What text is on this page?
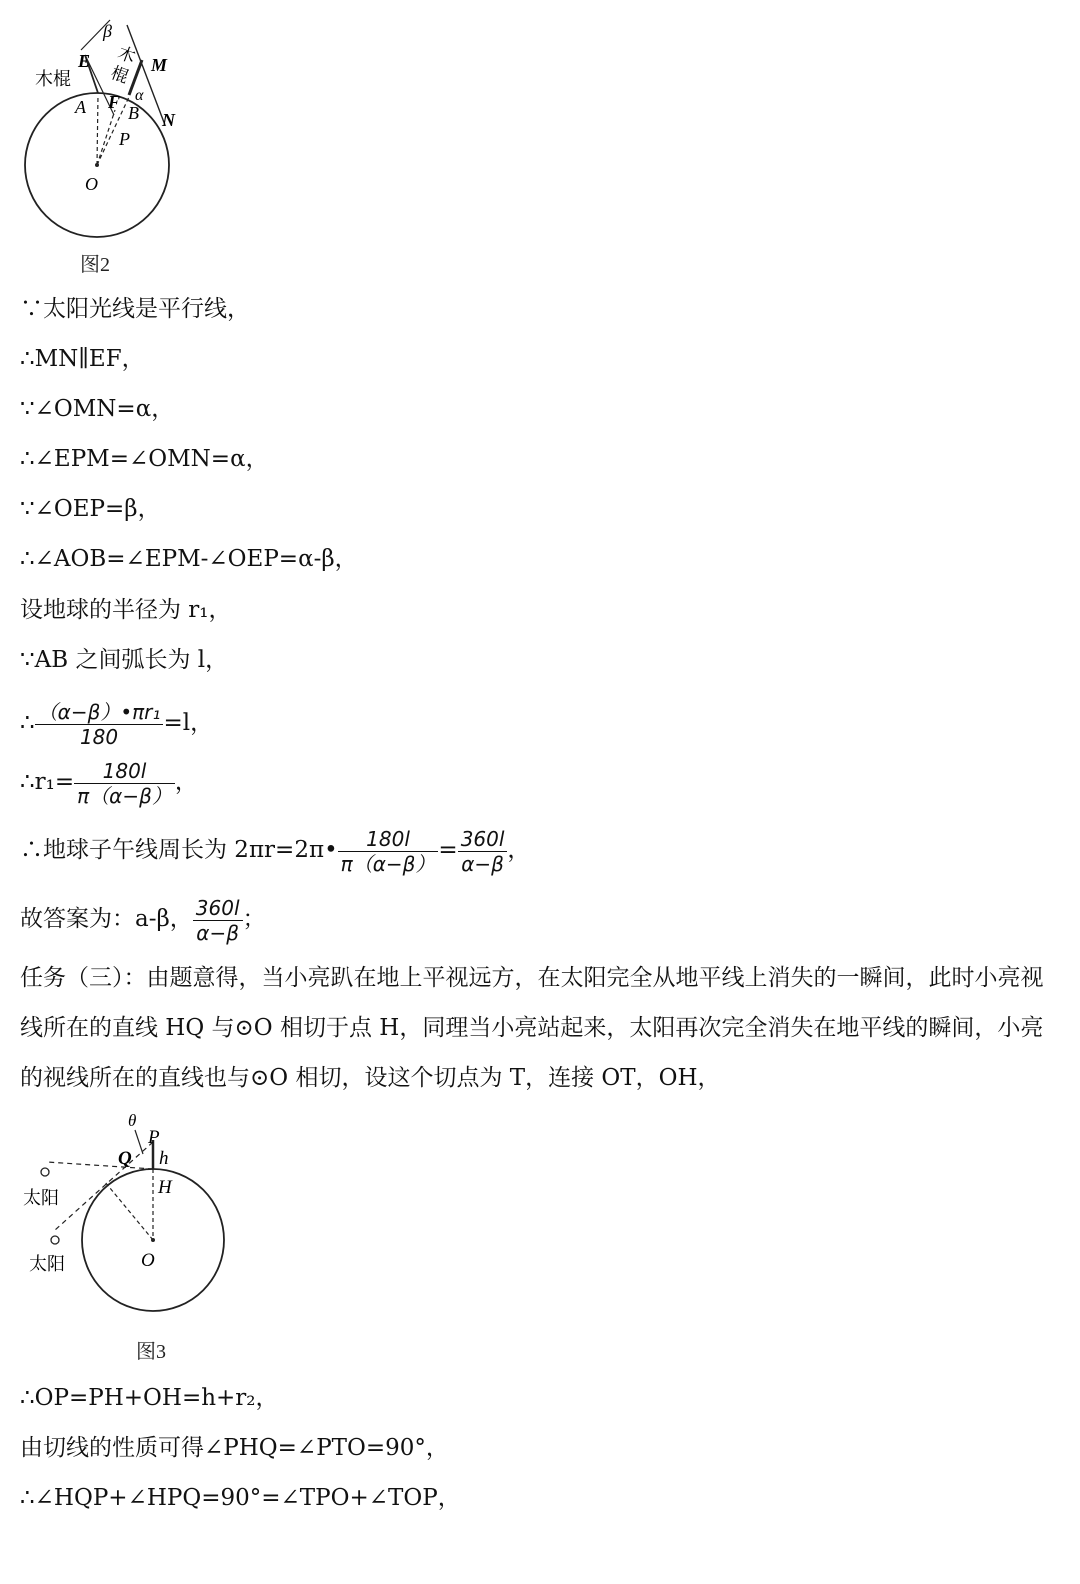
β
E
木棍
木
棍 M
A F α
B N
P
O
图2
∵太阳光线是平行线，
∴MN∥EF，
∵∠OMN=α，
∴∠EPM=∠OMN=α，
∵∠OEP=β，
∴∠AOB=∠EPM-∠OEP=α-β，
设地球的半径为 r₁，
∵AB 之间弧长为 l，
∴ $\frac{\text{（α−β）•πr₁}}{180} =l$，
∴r₁= $\frac{180l}{\pi(\alpha-\beta)}$ ，
∴地球子午线周长为 2πr=2π• $\frac{180l}{\pi(\alpha-\beta)} = \frac{360l}{\alpha-\beta}$ ，
故答案为：a-β， $\frac{360l}{\alpha-\beta}$ ；
任务（三）：由题意得，当小亮趴在地上平视远方，在太阳完全从地平线上消失的一瞬间，此时小亮视线所在的直线 HQ 与⊙O 相切于点 H，同理当小亮站起来，太阳再次完全消失在地平线的瞬间，小亮的视线所在的直线也与⊙O 相切，设这个切点为 T，连接 OT，OH，
θ
P
Q h
H
太阳
太阳	O
图3
∴OP=PH+OH=h+r₂，
由切线的性质可得∠PHQ=∠PTO=90°，
∴∠HQP+∠HPQ=90°=∠TPO+∠TOP，
